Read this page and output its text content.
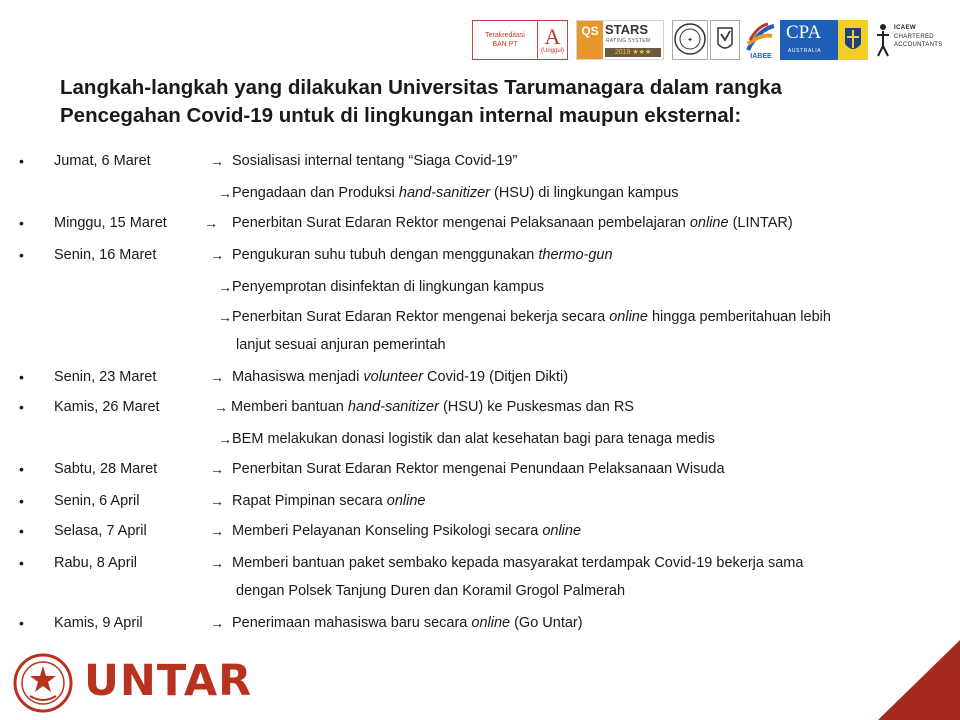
Terakreditasi
BAN PT A
(Unggul)
QS STARS
RATING SYSTEM
2019 ★★★
✦
IABEE
CPA
AUSTRALIA
ICAEW
CHARTERED
ACCOUNTANTS
Langkah-langkah yang dilakukan Universitas Tarumanagara dalam rangka
Pencegahan Covid-19 untuk di lingkungan internal maupun eksternal:
• Jumat, 6 Maret	→ Sosialisasi internal tentang “Siaga Covid-19”
→ Pengadaan dan Produksi hand-sanitizer (HSU) di lingkungan kampus
• Minggu, 15 Maret	→ Penerbitan Surat Edaran Rektor mengenai Pelaksanaan pembelajaran online (LINTAR)
• Senin, 16 Maret	→ Pengukuran suhu tubuh dengan menggunakan thermo-gun
→ Penyemprotan disinfektan di lingkungan kampus
→ Penerbitan Surat Edaran Rektor mengenai bekerja secara online hingga pemberitahuan lebih
lanjut sesuai anjuran pemerintah
• Senin, 23 Maret	→ Mahasiswa menjadi volunteer Covid-19 (Ditjen Dikti)
• Kamis, 26 Maret	→ Memberi bantuan hand-sanitizer (HSU) ke Puskesmas dan RS
→ BEM melakukan donasi logistik dan alat kesehatan bagi para tenaga medis
• Sabtu, 28 Maret	→ Penerbitan Surat Edaran Rektor mengenai Penundaan Pelaksanaan Wisuda
• Senin, 6 April	→ Rapat Pimpinan secara online
• Selasa, 7 April	→ Memberi Pelayanan Konseling Psikologi secara online
• Rabu, 8 April	→ Memberi bantuan paket sembako kepada masyarakat terdampak Covid-19 bekerja sama
dengan Polsek Tanjung Duren dan Koramil Grogol Palmerah
• Kamis, 9 April	→ Penerimaan mahasiswa baru secara online (Go Untar)
UNTAR
